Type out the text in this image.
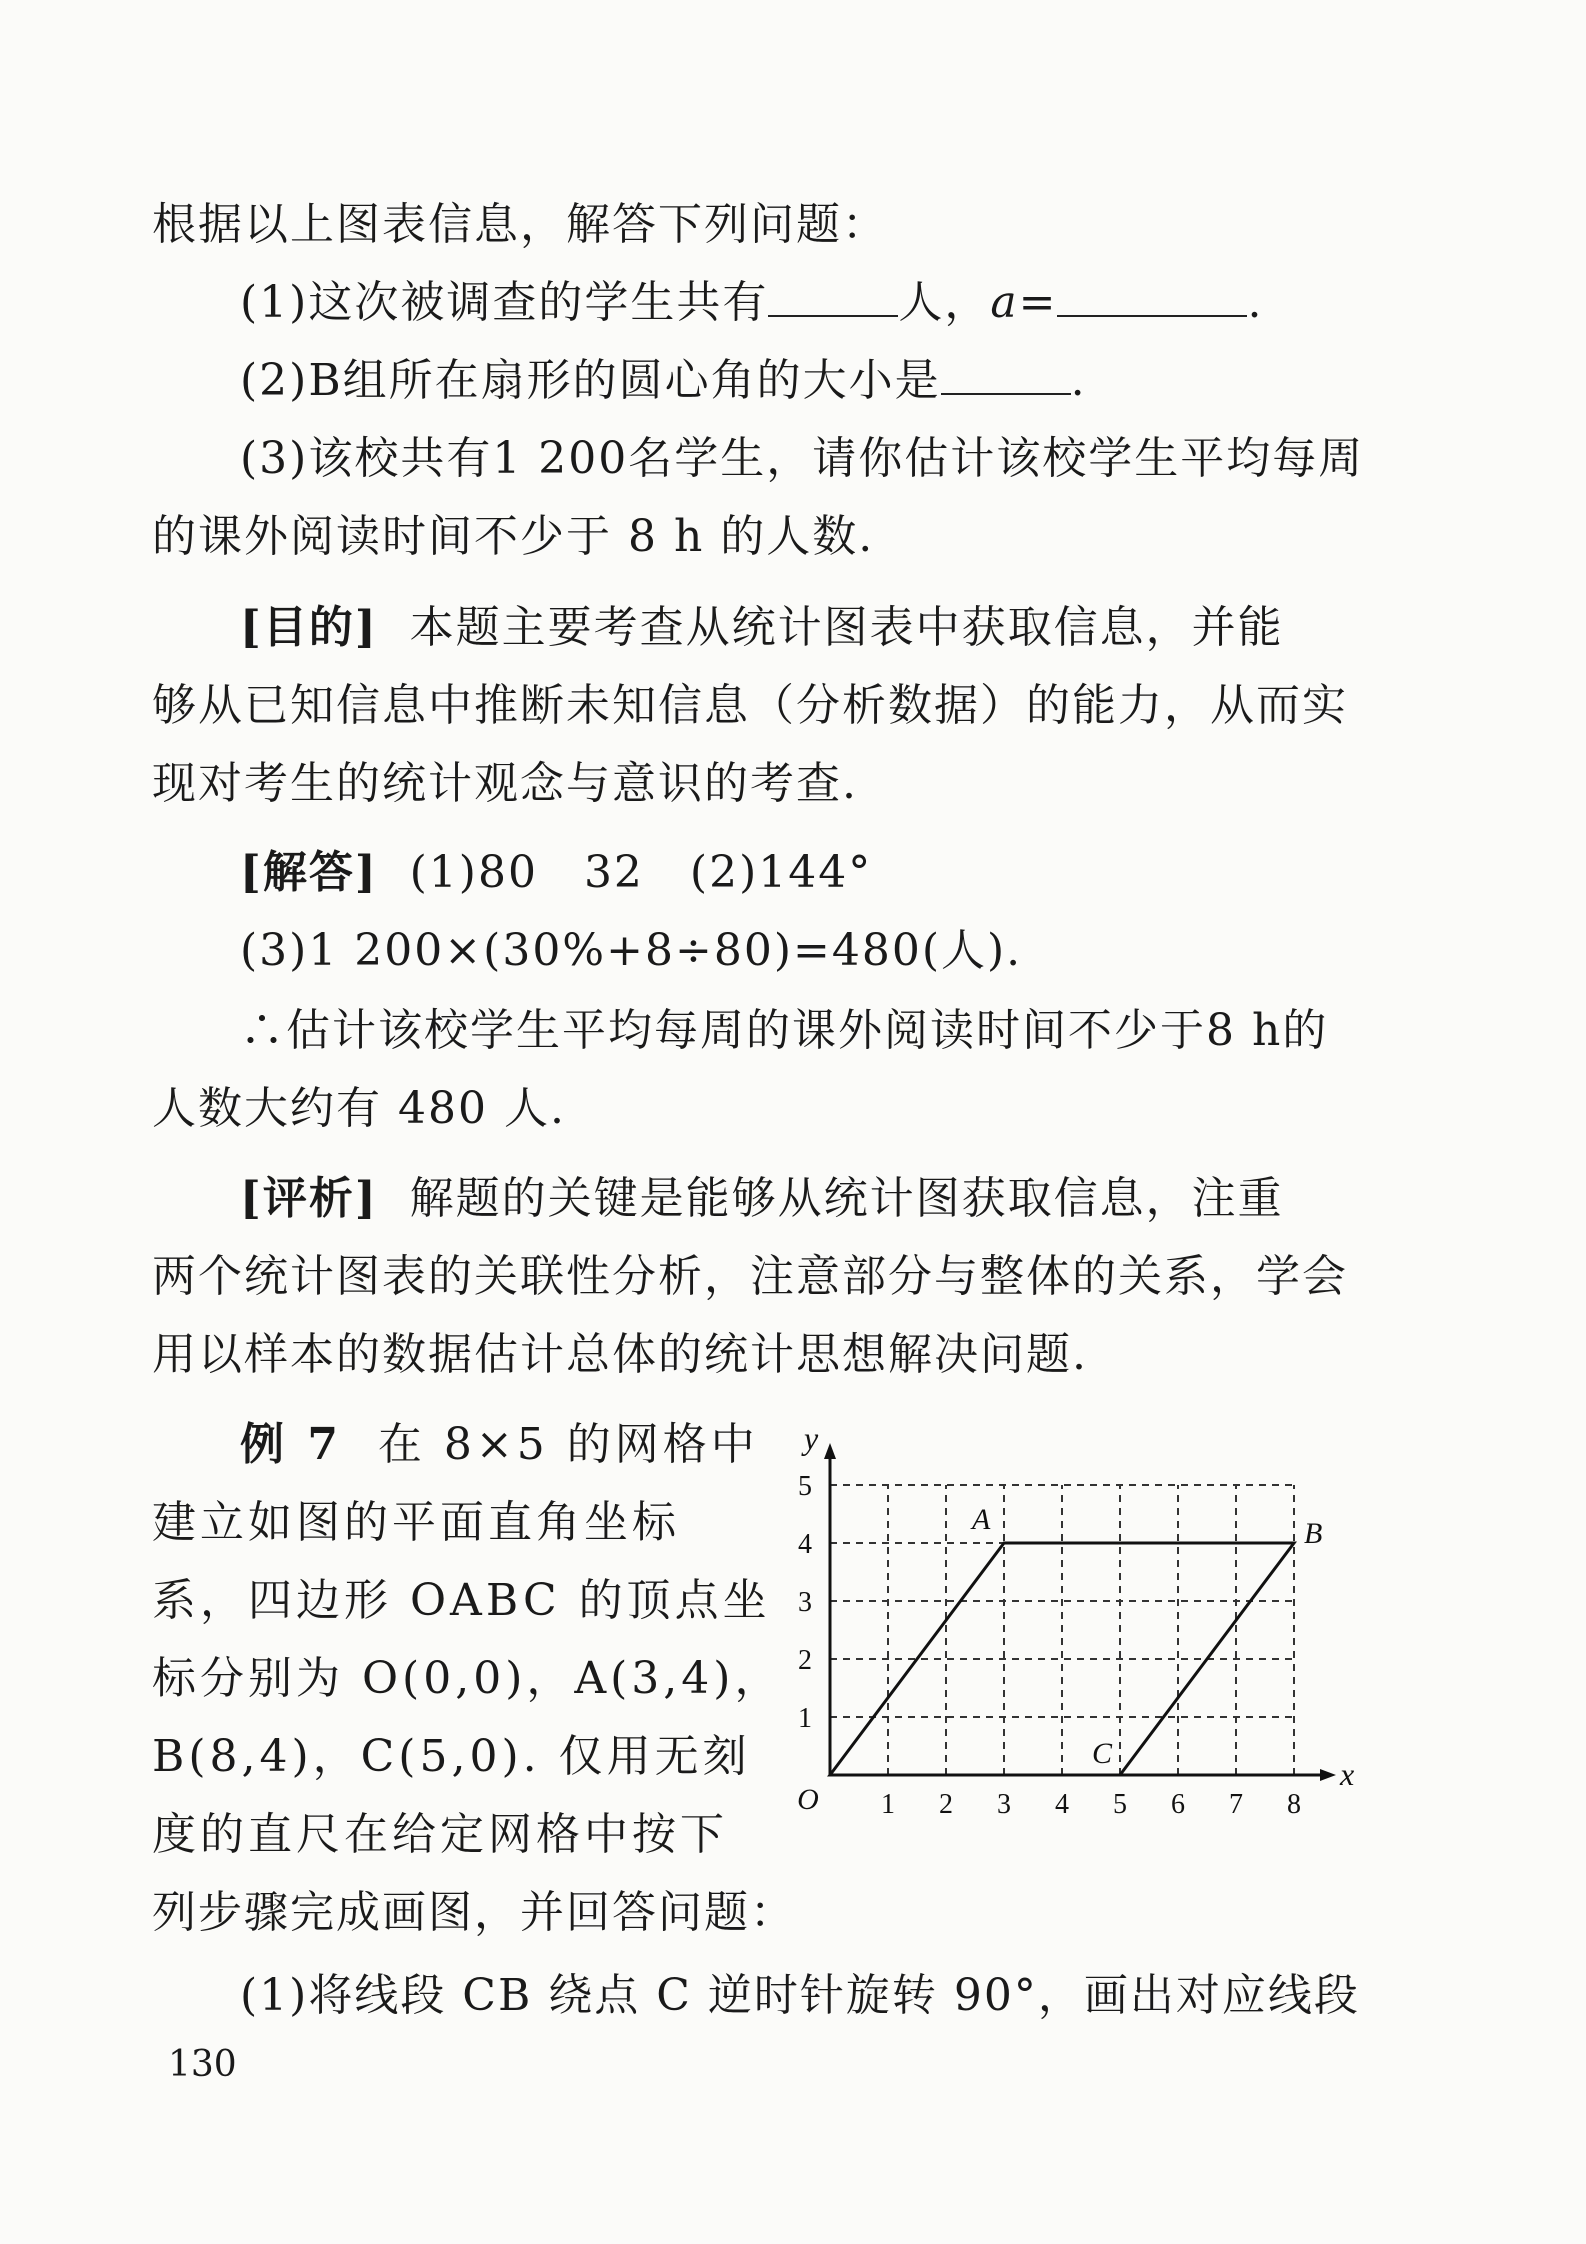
根据以上图表信息，解答下列问题：
(1)这次被调查的学生共有	人，a=	.
(2)B组所在扇形的圆心角的大小是	.
(3)该校共有1 200名学生，请你估计该校学生平均每周
的课外阅读时间不少于 8 h 的人数.
[目的] 本题主要考查从统计图表中获取信息，并能
够从已知信息中推断未知信息（分析数据）的能力，从而实
现对考生的统计观念与意识的考查.
[解答] (1)80　32　(2)144°
(3)1 200×(30%+8÷80)=480(人).
∴估计该校学生平均每周的课外阅读时间不少于8 h的
人数大约有 480 人.
[评析] 解题的关键是能够从统计图获取信息，注重
两个统计图表的关联性分析，注意部分与整体的关系，学会
用以样本的数据估计总体的统计思想解决问题.
例 7 在 8×5 的网格中
建立如图的平面直角坐标
系，四边形 OABC 的顶点坐
标分别为 O(0,0)，A(3,4)，
B(8,4)，C(5,0). 仅用无刻
度的直尺在给定网格中按下
列步骤完成画图，并回答问题：
(1)将线段 CB 绕点 C 逆时针旋转 90°，画出对应线段
1 2 3 4 5 6 7 8
1
2
3
4
5
O
x
y
A	B
C
130
